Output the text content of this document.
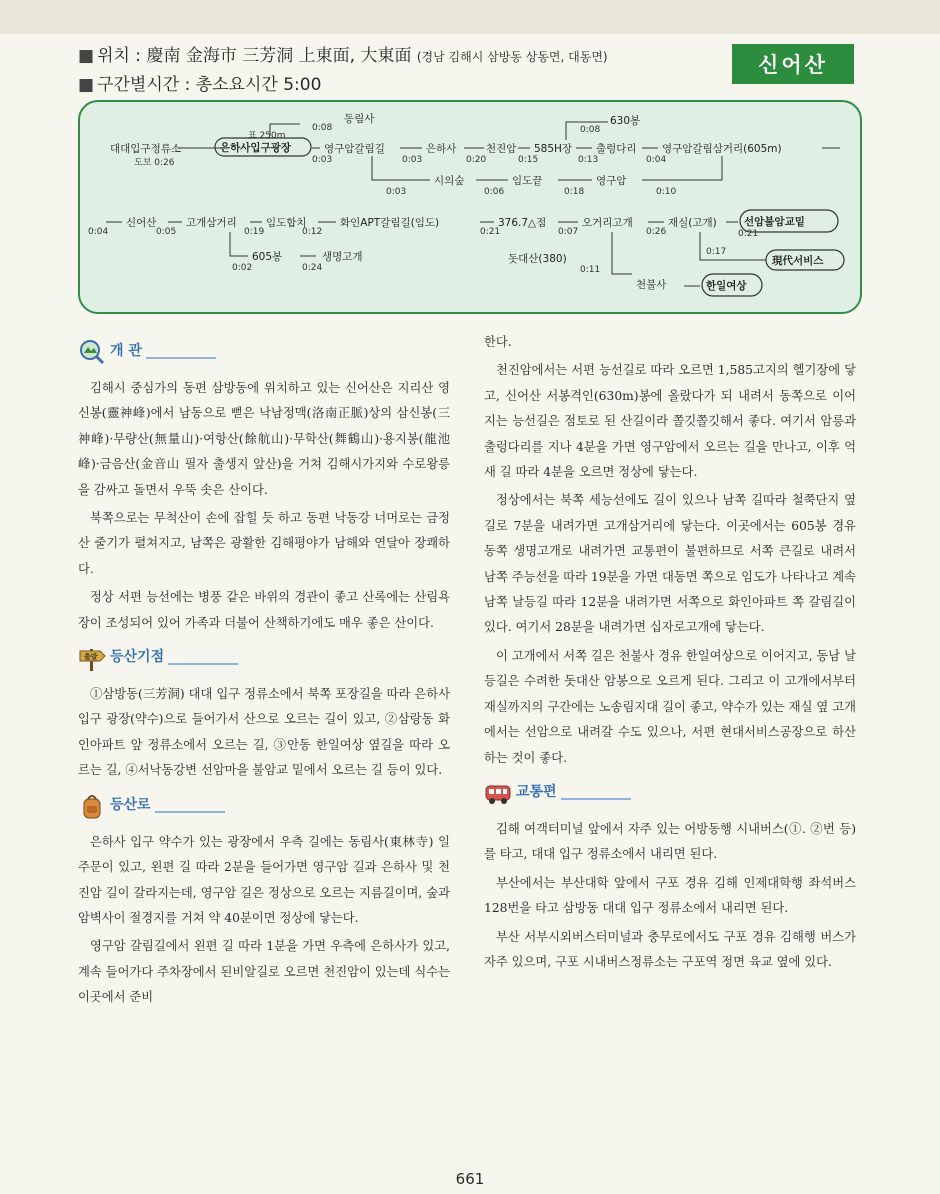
■ 위치 : 慶南 金海市 三芳洞 上東面, 大東面 (경남 김해시 삼방동 상동면, 대동면)
■ 구간별시간 : 총소요시간 5:00
신어산
대대입구정류소
도보 0:26
표 250m
은하사입구광장
0:08
동림사
0:03
영구암갈림길
0:03
은하사
0:20
천진암
0:15
585H장
0:08
630봉
0:13
출렁다리
0:04
영구암갈림삼거리(605m)
0:03
시의숲
0:06
임도끝
0:18
영구암
0:10
0:04
신어산
0:05
고개삼거리
0:19
임도합치
0:12
화인APT갈림길(임도)
0:21
376.7△점
0:07
오거리고개
0:26
재실(고개)
0:21
선암불암교밑
0:02
605봉
0:24
생명고개	돗대산(380)
0:11
천불사	한일여상
0:17
現代서비스
개 관

김해시 중심가의 동편 삼방동에 위치하고 있는 신어산은 지리산 영신봉(靈神峰)에서 남동으로 뻗은 낙남정맥(洛南正脈)상의 삼신봉(三神峰)·무량산(無量山)·여항산(餘航山)·무학산(舞鶴山)·용지봉(龍池峰)·금음산(金音山 필자 출생지 앞산)을 거쳐 김해시가지와 수로왕릉을 감싸고 돌면서 우뚝 솟은 산이다.

북쪽으로는 무척산이 손에 잡힐 듯 하고 동편 낙동강 너머로는 금정산 줄기가 펼쳐지고, 남쪽은 광활한 김해평야가 남해와 연달아 장쾌하다.

정상 서편 능선에는 병풍 같은 바위의 경관이 좋고 산록에는 산림욕장이 조성되어 있어 가족과 더불어 산책하기에도 매우 좋은 산이다.

출발 등산기점

①삼방동(三芳洞) 대대 입구 정류소에서 북쪽 포장길을 따라 은하사 입구 광장(약수)으로 들어가서 산으로 오르는 길이 있고, ②삼랑동 화인아파트 앞 정류소에서 오르는 길, ③안동 한일여상 옆길을 따라 오르는 길, ④서낙동강변 선암마을 불암교 밑에서 오르는 길 등이 있다.

등산로

은하사 입구 약수가 있는 광장에서 우측 길에는 동림사(東林寺) 일주문이 있고, 왼편 길 따라 2분을 들어가면 영구암 길과 은하사 및 천진암 길이 갈라지는데, 영구암 길은 정상으로 오르는 지름길이며, 숲과 암벽사이 절경지를 거쳐 약 40분이면 정상에 닿는다.

영구암 갈림길에서 왼편 길 따라 1분을 가면 우측에 은하사가 있고, 계속 들어가다 주차장에서 된비알길로 오르면 천진암이 있는데 식수는 이곳에서 준비

한다.

천진암에서는 서편 능선길로 따라 오르면 1,585고지의 헬기장에 닿고, 신어산 서봉격인(630m)봉에 올랐다가 되 내려서 동쪽으로 이어지는 능선길은 점토로 된 산길이라 쫄깃쫄깃해서 좋다. 여기서 암릉과 출렁다리를 지나 4분을 가면 영구암에서 오르는 길을 만나고, 이후 억새 길 따라 4분을 오르면 정상에 닿는다.

정상에서는 북쪽 세능선에도 길이 있으나 남쪽 길따라 철쭉단지 옆길로 7분을 내려가면 고개삼거리에 닿는다. 이곳에서는 605봉 경유 동쪽 생명고개로 내려가면 교통편이 불편하므로 서쪽 큰길로 내려서 남쪽 주능선을 따라 19분을 가면 대동면 쪽으로 임도가 나타나고 계속 남쪽 날등길 따라 12분을 내려가면 서쪽으로 화인아파트 쪽 갈림길이 있다. 여기서 28분을 내려가면 십자로고개에 닿는다.

이 고개에서 서쪽 길은 천불사 경유 한일여상으로 이어지고, 동남 날등길은 수려한 돗대산 암봉으로 오르게 된다. 그리고 이 고개에서부터 재실까지의 구간에는 노송림지대 길이 좋고, 약수가 있는 재실 옆 고개에서는 선암으로 내려갈 수도 있으나, 서편 현대서비스공장으로 하산하는 것이 좋다.

교통편

김해 여객터미널 앞에서 자주 있는 어방동행 시내버스(①. ②번 등)를 타고, 대대 입구 정류소에서 내리면 된다.

부산에서는 부산대학 앞에서 구포 경유 김해 인제대학행 좌석버스 128번을 타고 삼방동 대대 입구 정류소에서 내리면 된다.

부산 서부시외버스터미널과 충무로에서도 구포 경유 김해행 버스가 자주 있으며, 구포 시내버스정류소는 구포역 정면 육교 옆에 있다.

661
